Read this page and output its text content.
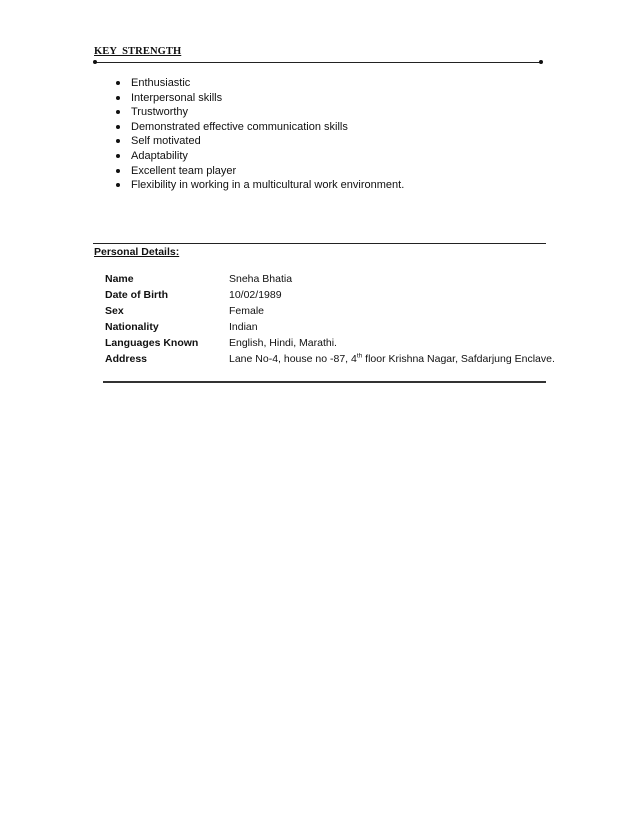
KEY  STRENGTH
Enthusiastic
Interpersonal skills
Trustworthy
Demonstrated effective communication skills
Self motivated
Adaptability
Excellent team player
Flexibility in working in a multicultural work environment.
Personal Details:
Name	Sneha Bhatia
Date of Birth	10/02/1989
Sex	Female
Nationality	Indian
Languages Known	English, Hindi, Marathi.
Address	Lane No-4, house no -87, 4th floor Krishna Nagar, Safdarjung Enclave.
